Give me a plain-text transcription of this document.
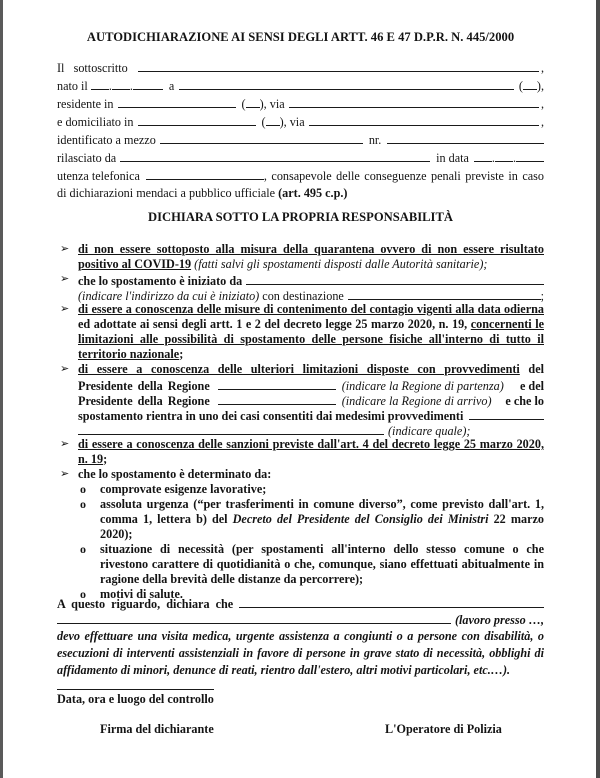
AUTODICHIARAZIONE AI SENSI DEGLI ARTT. 46 E 47 D.P.R. N. 445/2000
Il   sottoscritto	,
nato il . .	a	( ),
residente in	( ), via	,
e domiciliato in	( ), via	,
identificato a mezzo	nr.
rilasciato da	in data . .
utenza telefonica	, consapevole delle conseguenze penali previste in caso
di dichiarazioni mendaci a pubblico ufficiale (art. 495 c.p.)
DICHIARA SOTTO LA PROPRIA RESPONSABILITÀ
➢ di non essere sottoposto alla misura della quarantena ovvero di non essere risultato
positivo al COVID-19 (fatti salvi gli spostamenti disposti dalle Autorità sanitarie);
➢ che lo spostamento è iniziato da
(indicare l'indirizzo da cui è iniziato) con destinazione	;
➢ di essere a conoscenza delle misure di contenimento del contagio vigenti alla data odierna
ed adottate ai sensi degli artt. 1 e 2 del decreto legge 25 marzo 2020, n. 19, concernenti le
limitazioni alle possibilità di spostamento delle persone fisiche all'interno di tutto il
territorio nazionale ;
➢ di essere a conoscenza delle ulteriori limitazioni disposte con provvedimenti del
Presidente della Regione	(indicare la Regione di partenza)	e del
Presidente della Regione	(indicare la Regione di arrivo) e che lo
spostamento rientra in uno dei casi consentiti dai medesimi provvedimenti
(indicare quale);
➢ di essere a conoscenza delle sanzioni previste dall'art. 4 del decreto legge 25 marzo 2020,
n. 19 ;
➢ che lo spostamento è determinato da:
o comprovate esigenze lavorative;
o assoluta urgenza (“per trasferimenti in comune diverso”, come previsto dall'art. 1,
comma 1, lettera b) del Decreto del Presidente del Consiglio dei Ministri 22 marzo
2020);
o situazione di necessità (per spostamenti all'interno dello stesso comune o che
rivestono carattere di quotidianità o che, comunque, siano effettuati abitualmente in
ragione della brevità delle distanze da percorrere);
o motivi di salute.
A questo riguardo, dichiara che
(lavoro presso …,
devo effettuare una visita medica, urgente assistenza a congiunti o a persone con disabilità, o
esecuzioni di interventi assistenziali in favore di persone in grave stato di necessità, obblighi di
affidamento di minori, denunce di reati, rientro dall'estero, altri motivi particolari, etc.…).
Data, ora e luogo del controllo
Firma del dichiarante	L'Operatore di Polizia
